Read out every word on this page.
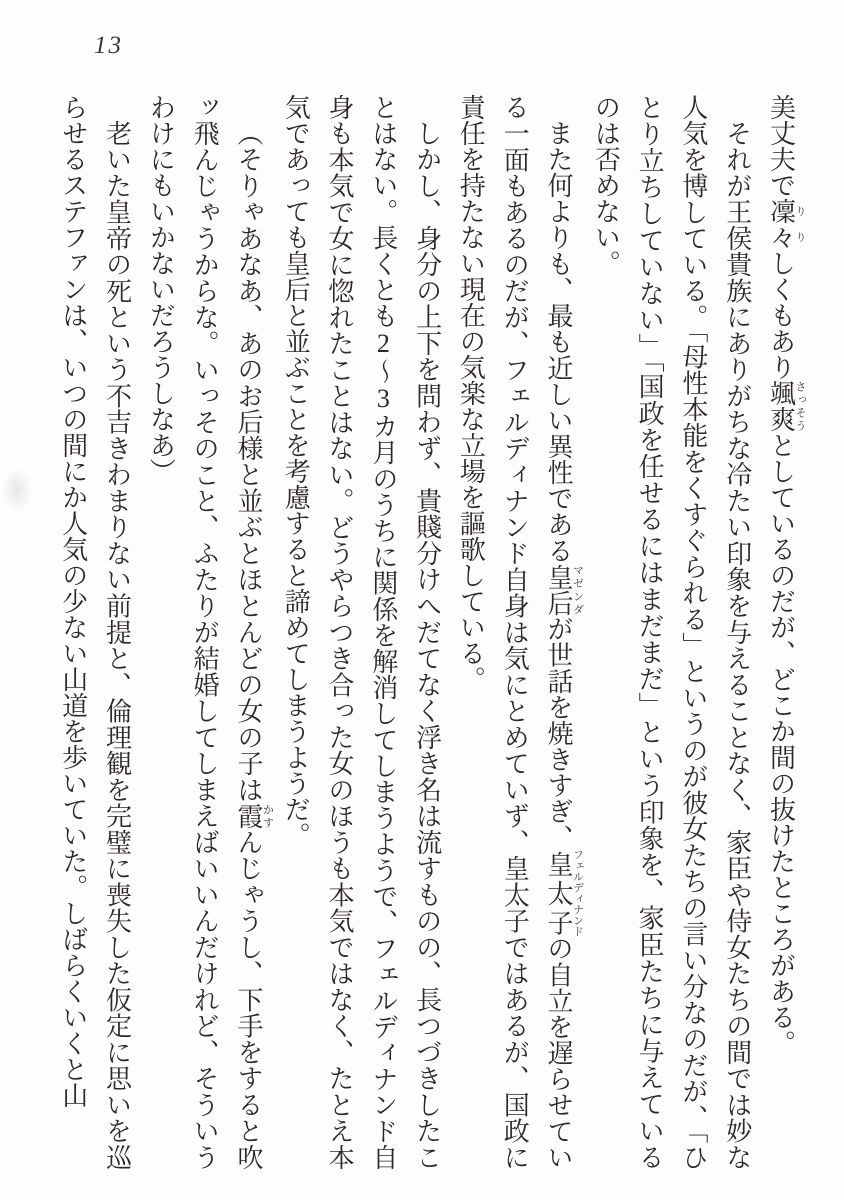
13

美丈夫で凜々りりしくもあり颯爽さっそうとしているのだが、どこか間の抜けたところがある。

それが王侯貴族にありがちな冷たい印象を与えることなく、家臣や侍女たちの間では妙な人気を博している。「母性本能をくすぐられる」というのが彼女たちの言い分なのだが、「ひとり立ちしていない」「国政を任せるにはまだまだ」という印象を、家臣たちに与えているのは否めない。

また何よりも、最も近しい異性である皇后マゼンダが世話を焼きすぎ、皇太子フェルディナンドの自立を遅らせている一面もあるのだが、フェルディナンド自身は気にとめていず、皇太子ではあるが、国政に責任を持たない現在の気楽な立場を謳歌している。

しかし、身分の上下を問わず、貴賤分けへだてなく浮き名は流すものの、長つづきしたことはない。長くとも2～3カ月のうちに関係を解消してしまうようで、フェルディナンド自身も本気で女に惚れたことはない。どうやらつき合った女のほうも本気ではなく、たとえ本気であっても皇后と並ぶことを考慮すると諦めてしまうようだ。

（そりゃあなあ、あのお后様と並ぶとほとんどの女の子は霞かすんじゃうし、下手をすると吹ッ飛んじゃうからな。いっそのこと、ふたりが結婚してしまえばいいんだけれど、そういうわけにもいかないだろうしなあ）

老いた皇帝の死という不吉きわまりない前提と、倫理観を完璧に喪失した仮定に思いを巡らせるステファンは、いつの間にか人気の少ない山道を歩いていた。しばらくいくと山
